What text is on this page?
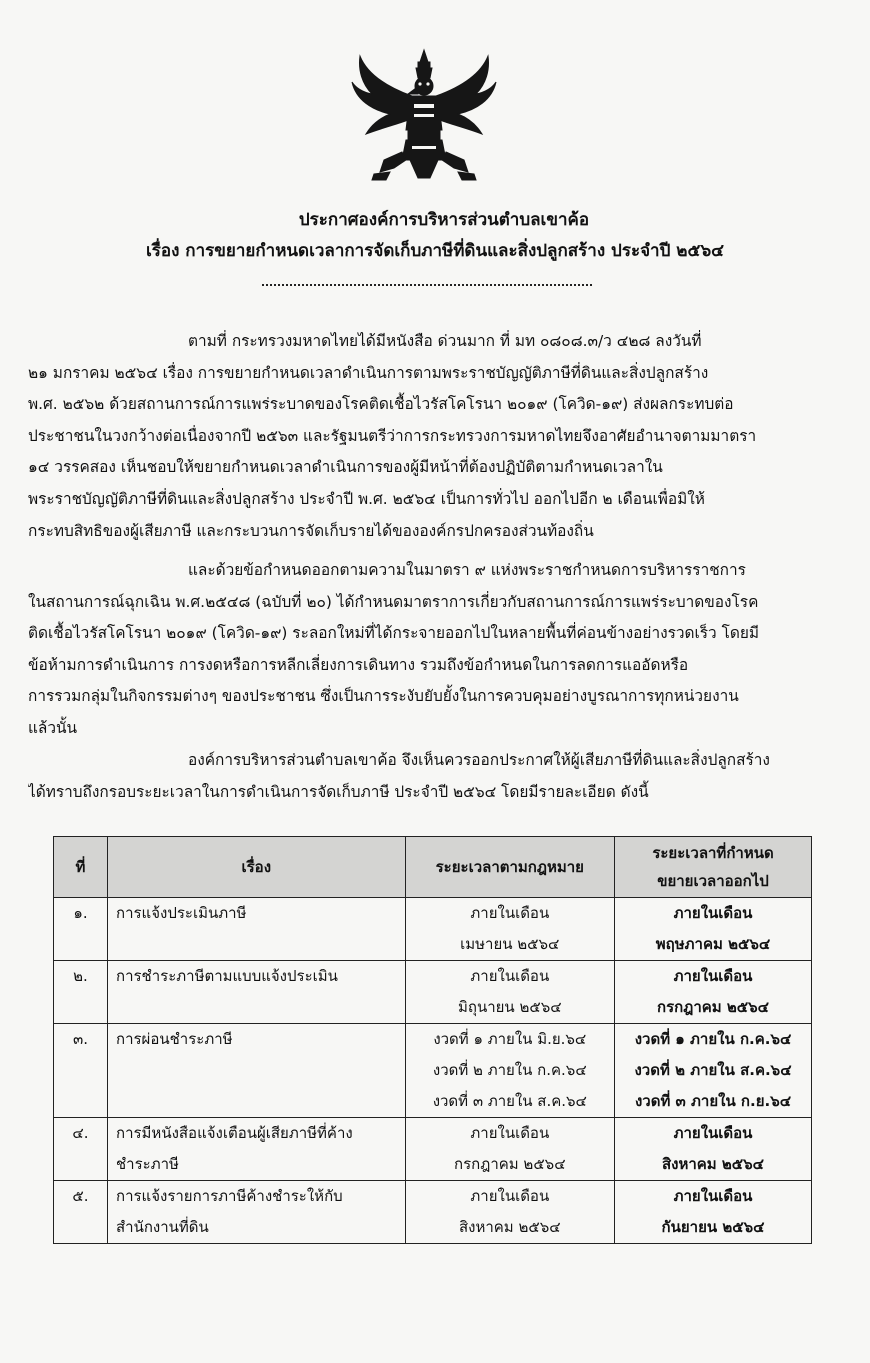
ประกาศองค์การบริหารส่วนตำบลเขาค้อ
เรื่อง การขยายกำหนดเวลาการจัดเก็บภาษีที่ดินและสิ่งปลูกสร้าง ประจำปี ๒๕๖๔
ตามที่ กระทรวงมหาดไทยได้มีหนังสือ ด่วนมาก ที่ มท ๐๘๐๘.๓/ว ๔๒๘ ลงวันที่
๒๑ มกราคม ๒๕๖๔ เรื่อง การขยายกำหนดเวลาดำเนินการตามพระราชบัญญัติภาษีที่ดินและสิ่งปลูกสร้าง
พ.ศ. ๒๕๖๒ ด้วยสถานการณ์การแพร่ระบาดของโรคติดเชื้อไวรัสโคโรนา ๒๐๑๙ (โควิด-๑๙) ส่งผลกระทบต่อ
ประชาชนในวงกว้างต่อเนื่องจากปี ๒๕๖๓ และรัฐมนตรีว่าการกระทรวงการมหาดไทยจึงอาศัยอำนาจตามมาตรา
๑๔ วรรคสอง เห็นชอบให้ขยายกำหนดเวลาดำเนินการของผู้มีหน้าที่ต้องปฏิบัติตามกำหนดเวลาใน
พระราชบัญญัติภาษีที่ดินและสิ่งปลูกสร้าง ประจำปี พ.ศ. ๒๕๖๔ เป็นการทั่วไป ออกไปอีก ๒ เดือนเพื่อมิให้
กระทบสิทธิของผู้เสียภาษี และกระบวนการจัดเก็บรายได้ขององค์กรปกครองส่วนท้องถิ่น
และด้วยข้อกำหนดออกตามความในมาตรา ๙ แห่งพระราชกำหนดการบริหารราชการ
ในสถานการณ์ฉุกเฉิน พ.ศ.๒๕๔๘ (ฉบับที่ ๒๐) ได้กำหนดมาตราการเกี่ยวกับสถานการณ์การแพร่ระบาดของโรค
ติดเชื้อไวรัสโคโรนา ๒๐๑๙ (โควิด-๑๙) ระลอกใหม่ที่ได้กระจายออกไปในหลายพื้นที่ค่อนข้างอย่างรวดเร็ว โดยมี
ข้อห้ามการดำเนินการ การงดหรือการหลีกเลี่ยงการเดินทาง รวมถึงข้อกำหนดในการลดการแออัดหรือ
การรวมกลุ่มในกิจกรรมต่างๆ ของประชาชน ซึ่งเป็นการระงับยับยั้งในการควบคุมอย่างบูรณาการทุกหน่วยงาน
แล้วนั้น
องค์การบริหารส่วนตำบลเขาค้อ จึงเห็นควรออกประกาศให้ผู้เสียภาษีที่ดินและสิ่งปลูกสร้าง
ได้ทราบถึงกรอบระยะเวลาในการดำเนินการจัดเก็บภาษี ประจำปี ๒๕๖๔ โดยมีรายละเอียด ดังนี้
ที่	เรื่อง	ระยะเวลาตามกฎหมาย	ระยะเวลาที่กำหนด
ขยายเวลาออกไป

๑.	การแจ้งประเมินภาษี	ภายในเดือน
เมษายน ๒๕๖๔	ภายในเดือน
พฤษภาคม ๒๕๖๔

๒.	การชำระภาษีตามแบบแจ้งประเมิน	ภายในเดือน
มิถุนายน ๒๕๖๔	ภายในเดือน
กรกฎาคม ๒๕๖๔

๓.	การผ่อนชำระภาษี	งวดที่ ๑ ภายใน มิ.ย.๖๔
งวดที่ ๒ ภายใน ก.ค.๖๔
งวดที่ ๓ ภายใน ส.ค.๖๔	งวดที่ ๑ ภายใน ก.ค.๖๔
งวดที่ ๒ ภายใน ส.ค.๖๔
งวดที่ ๓ ภายใน ก.ย.๖๔

๔.	การมีหนังสือแจ้งเตือนผู้เสียภาษีที่ค้าง
ชำระภาษี	ภายในเดือน
กรกฎาคม ๒๕๖๔	ภายในเดือน
สิงหาคม ๒๕๖๔

๕.	การแจ้งรายการภาษีค้างชำระให้กับ
สำนักงานที่ดิน	ภายในเดือน
สิงหาคม ๒๕๖๔	ภายในเดือน
กันยายน ๒๕๖๔
